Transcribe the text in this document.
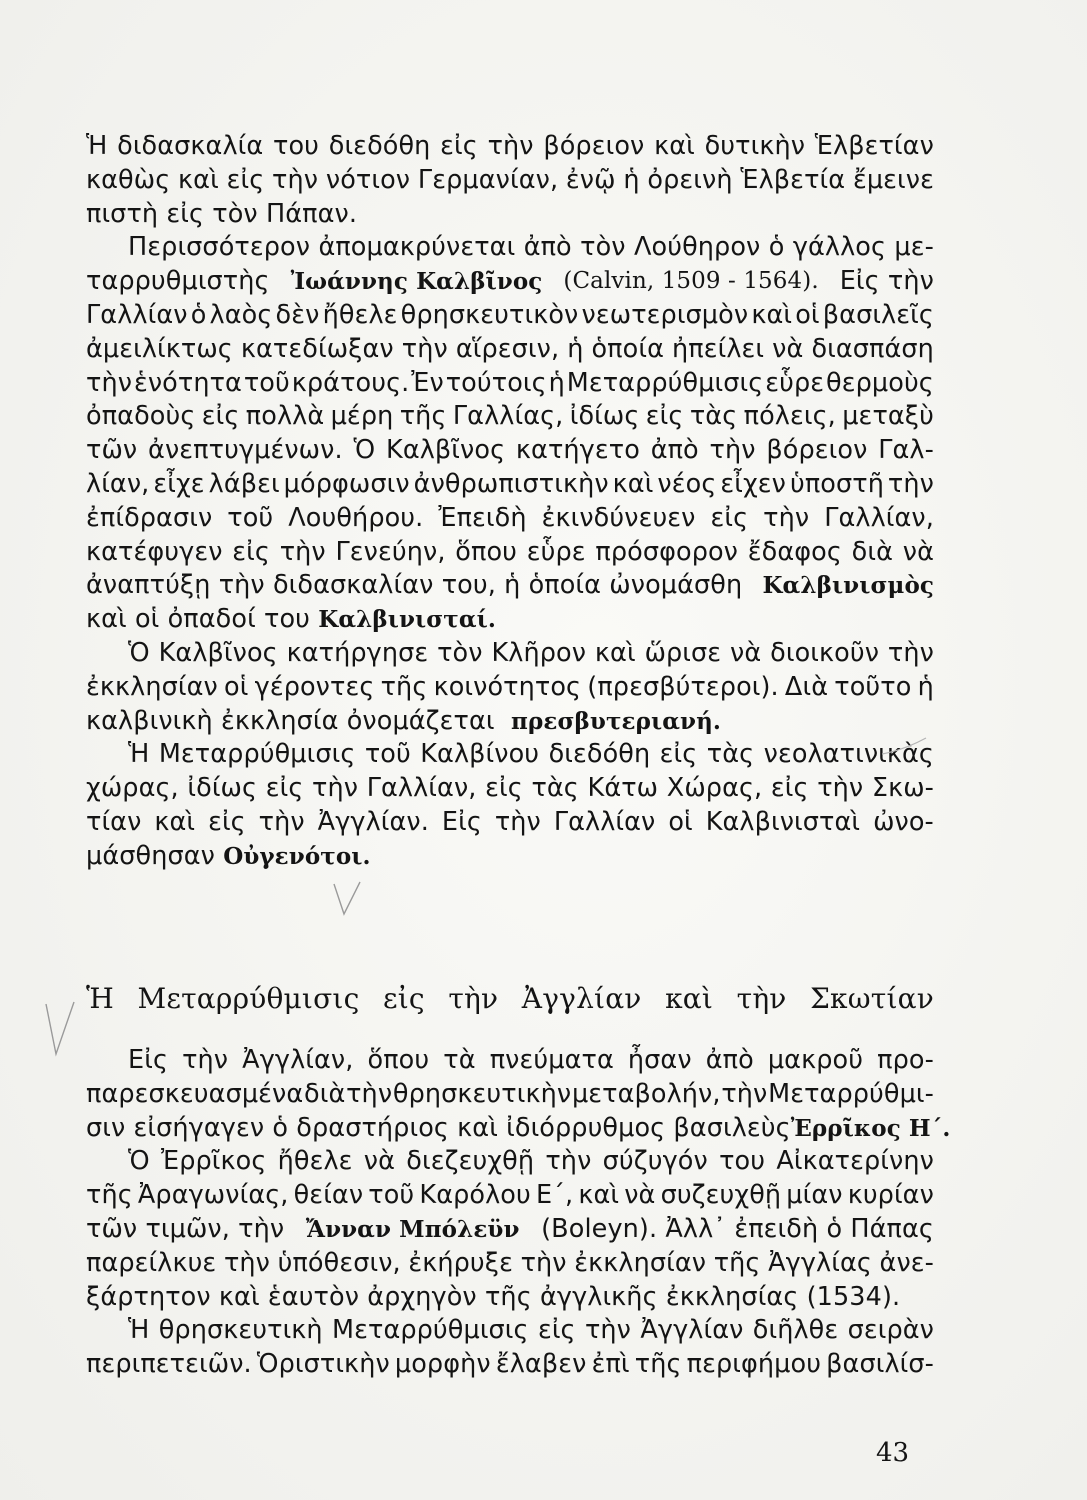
Ἡ διδασκαλία του διεδόθη εἰς τὴν βόρειον καὶ δυτικὴν Ἑλβετίαν
καθὼς καὶ εἰς τὴν νότιον Γερμανίαν, ἐνῷ ἡ ὀρεινὴ Ἑλβετία ἔμεινε
πιστὴ εἰς τὸν Πάπαν.
Περισσότερον ἀπομακρύνεται ἀπὸ τὸν Λούθηρον ὁ γάλλος με-
ταρρυθμιστὴς Ἰωάννης Καλβῖνος (Calvin, 1509 - 1564). Εἰς τὴν
Γαλλίαν ὁ λαὸς δὲν ἤθελε θρησκευτικὸν νεωτερισμὸν καὶ οἱ βασιλεῖς
ἀμειλίκτως κατεδίωξαν τὴν αἵρεσιν, ἡ ὁποία ἠπείλει νὰ διασπάση
τὴν ἑνότητα τοῦ κράτους. Ἐν τούτοις ἡ Μεταρρύθμισις εὗρε θερμοὺς
ὀπαδοὺς εἰς πολλὰ μέρη τῆς Γαλλίας, ἰδίως εἰς τὰς πόλεις, μεταξὺ
τῶν ἀνεπτυγμένων. Ὁ Καλβῖνος κατήγετο ἀπὸ τὴν βόρειον Γαλ-
λίαν, εἶχε λάβει μόρφωσιν ἀνθρωπιστικὴν καὶ νέος εἶχεν ὑποστῆ τὴν
ἐπίδρασιν τοῦ Λουθήρου. Ἐπειδὴ ἐκινδύνευεν εἰς τὴν Γαλλίαν,
κατέφυγεν εἰς τὴν Γενεύην, ὅπου εὗρε πρόσφορον ἔδαφος διὰ νὰ
ἀναπτύξῃ τὴν διδασκαλίαν του, ἡ ὁποία ὠνομάσθη Καλβινισμὸς
καὶ οἱ ὀπαδοί του
Καλβινισταί.
Ὁ Καλβῖνος κατήργησε τὸν Κλῆρον καὶ ὥρισε νὰ διοικοῦν τὴν
ἐκκλησίαν οἱ γέροντες τῆς κοινότητος (πρεσβύτεροι). Διὰ τοῦτο ἡ
καλβινικὴ ἐκκλησία ὀνομάζεται
πρεσβυτεριανή.
Ἡ Μεταρρύθμισις τοῦ Καλβίνου διεδόθη εἰς τὰς νεολατινικὰς
χώρας, ἰδίως εἰς τὴν Γαλλίαν, εἰς τὰς Κάτω Χώρας, εἰς τὴν Σκω-
τίαν καὶ εἰς τὴν Ἀγγλίαν. Εἰς τὴν Γαλλίαν οἱ Καλβινισταὶ ὠνο-
μάσθησαν
Οὐγενότοι.
Ἡ Μεταρρύθμισις εἰς τὴν Ἀγγλίαν καὶ τὴν Σκωτίαν
Εἰς τὴν Ἀγγλίαν, ὅπου τὰ πνεύματα ἦσαν ἀπὸ μακροῦ προ-
παρεσκευασμένα διὰ τὴν θρησκευτικὴν μεταβολήν, τὴν Μεταρρύθμι-
σιν εἰσήγαγεν ὁ δραστήριος καὶ ἰδιόρρυθμος βασιλεὺς Ἐρρῖκος Η΄.
Ὁ Ἐρρῖκος ἤθελε νὰ διεζευχθῇ τὴν σύζυγόν του Αἰκατερίνην
τῆς Ἀραγωνίας, θείαν τοῦ Καρόλου Ε΄, καὶ νὰ συζευχθῇ μίαν κυρίαν
τῶν τιμῶν, τὴν Ἄνναν Μπόλεϋν (Boleyn). Ἀλλ᾿ ἐπειδὴ ὁ Πάπας
παρείλκυε τὴν ὑπόθεσιν, ἐκήρυξε τὴν ἐκκλησίαν τῆς Ἀγγλίας ἀνε-
ξάρτητον καὶ ἑαυτὸν ἀρχηγὸν τῆς ἀγγλικῆς ἐκκλησίας (1534).
Ἡ θρησκευτικὴ Μεταρρύθμισις εἰς τὴν Ἀγγλίαν διῆλθε σειρὰν
περιπετειῶν. Ὁριστικὴν μορφὴν ἔλαβεν ἐπὶ τῆς περιφήμου βασιλίσ-
43
